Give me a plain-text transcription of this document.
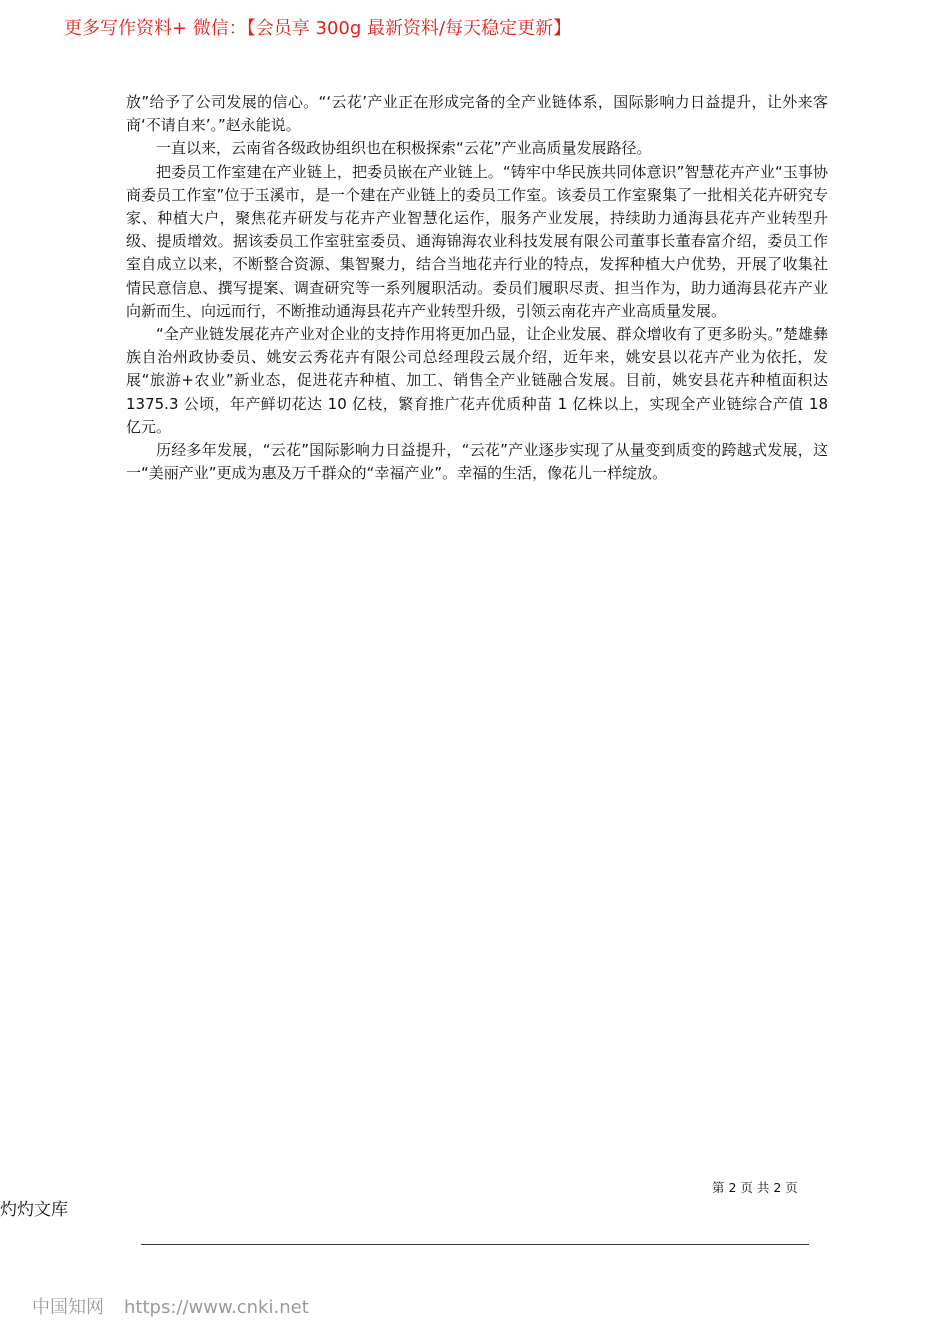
更多写作资料+ 微信：【会员享 300g 最新资料/每天稳定更新】

放”给予了公司发展的信心。“‘云花’产业正在形成完备的全产业链体系，国际影响力日益提升，让外来客商‘不请自来’。”赵永能说。

一直以来，云南省各级政协组织也在积极探索“云花”产业高质量发展路径。

把委员工作室建在产业链上，把委员嵌在产业链上。“铸牢中华民族共同体意识”智慧花卉产业“玉事协商委员工作室”位于玉溪市，是一个建在产业链上的委员工作室。该委员工作室聚集了一批相关花卉研究专家、种植大户，聚焦花卉研发与花卉产业智慧化运作，服务产业发展，持续助力通海县花卉产业转型升级、提质增效。据该委员工作室驻室委员、通海锦海农业科技发展有限公司董事长董春富介绍，委员工作室自成立以来，不断整合资源、集智聚力，结合当地花卉行业的特点，发挥种植大户优势，开展了收集社情民意信息、撰写提案、调查研究等一系列履职活动。委员们履职尽责、担当作为，助力通海县花卉产业向新而生、向远而行，不断推动通海县花卉产业转型升级，引领云南花卉产业高质量发展。

“全产业链发展花卉产业对企业的支持作用将更加凸显，让企业发展、群众增收有了更多盼头。”楚雄彝族自治州政协委员、姚安云秀花卉有限公司总经理段云晟介绍，近年来，姚安县以花卉产业为依托，发展“旅游+农业”新业态，促进花卉种植、加工、销售全产业链融合发展。目前，姚安县花卉种植面积达 1375.3 公顷，年产鲜切花达 10 亿枝，繁育推广花卉优质种苗 1 亿株以上，实现全产业链综合产值 18 亿元。

历经多年发展，“云花”国际影响力日益提升，“云花”产业逐步实现了从量变到质变的跨越式发展，这一“美丽产业”更成为惠及万千群众的“幸福产业”。幸福的生活，像花儿一样绽放。

第 2 页 共 2 页
灼灼文库
中国知网 https://www.cnki.net
